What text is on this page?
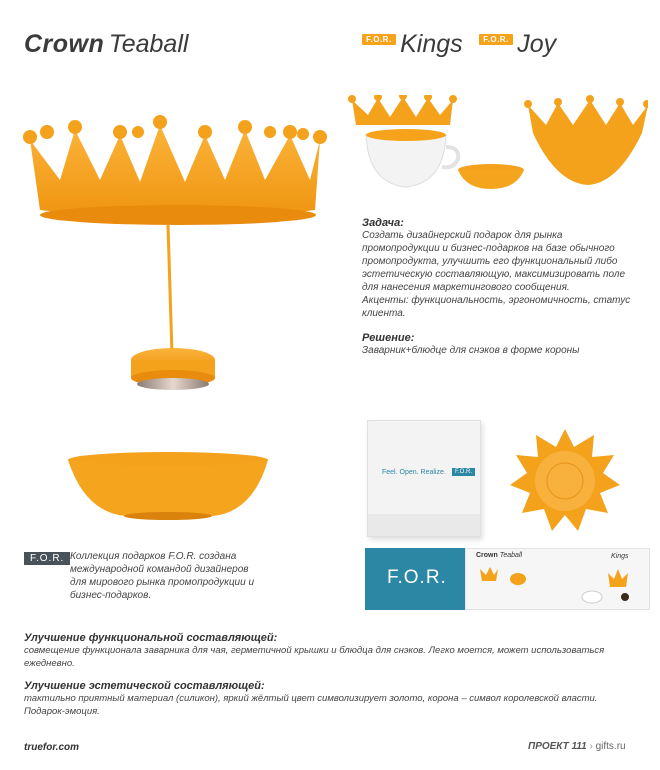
Crown Teaball	$^{F.O.R.}$ Kings	$^{F.O.R.}$ Joy
Задача:
Создать дизайнерский подарок для рынка
промопродукции и бизнес-подарков на базе обычного
промопродукта, улучшить его функциональный либо
эстетическую составляющую, максимизировать поле
для нанесения маркетингового сообщения.
Акценты: функциональность, эргономичность, статус
клиента.
Решение:
Заварник+блюдце для снэков в форме короны
Feel. Open. Realize.	F.O.R.
F.O.R.
Crown Teaball	Kings
F.O.R. Коллекция подарков F.O.R. создана
международной командой дизайнеров
для мирового рынка промопродукции и
бизнес-подарков.
Улучшение функциональной составляющей:
совмещение функционала заварника для чая, герметичной крышки и блюдца для снэков. Легко моется, может использоваться
ежедневно.
Улучшение эстетической составляющей:
тактильно приятный материал (силикон), яркий жёлтый цвет символизирует золото, корона – символ королевской власти.
Подарок-эмоция.
truefor.com	ПРОЕКТ 111 › gifts.ru
